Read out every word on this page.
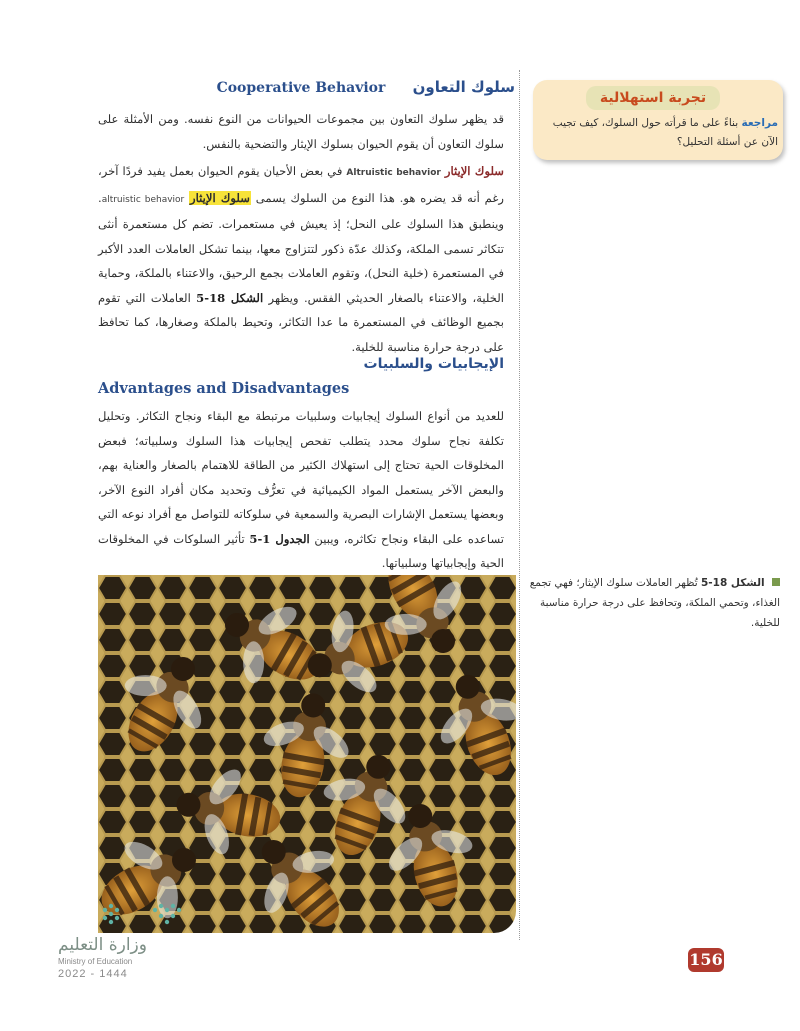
سلوك التعاون Cooperative Behavior
قد يظهر سلوك التعاون بين مجموعات الحيوانات من النوع نفسه. ومن الأمثلة على سلوك التعاون أن يقوم الحيوان بسلوك الإيثار والتضحية بالنفس.
سلوك الإيثار Altruistic behavior في بعض الأحيان يقوم الحيوان بعمل يفيد فردًا آخر، رغم أنه قد يضره هو. هذا النوع من السلوك يسمى سلوك الإيثار altruistic behavior. وينطبق هذا السلوك على النحل؛ إذ يعيش في مستعمرات. تضم كل مستعمرة أنثى تتكاثر تسمى الملكة، وكذلك عدّة ذكور لتتزاوج معها، بينما تشكل العاملات العدد الأكبر في المستعمرة (خلية النحل)، وتقوم العاملات بجمع الرحيق، والاعتناء بالملكة، وحماية الخلية، والاعتناء بالصغار الحديثي الفقس. ويظهر الشكل 18-5 العاملات التي تقوم بجميع الوظائف في المستعمرة ما عدا التكاثر، وتحيط بالملكة وصغارها، كما تحافظ على درجة حرارة مناسبة للخلية.
الإيجابيات والسلبيات
Advantages and Disadvantages
للعديد من أنواع السلوك إيجابيات وسلبيات مرتبطة مع البقاء ونجاح التكاثر. وتحليل تكلفة نجاح سلوك محدد يتطلب تفحص إيجابيات هذا السلوك وسلبياته؛ فبعض المخلوقات الحية تحتاج إلى استهلاك الكثير من الطاقة للاهتمام بالصغار والعناية بهم، والبعض الآخر يستعمل المواد الكيميائية في تعرُّف وتحديد مكان أفراد النوع الآخر، وبعضها يستعمل الإشارات البصرية والسمعية في سلوكاته للتواصل مع أفراد نوعه التي تساعده على البقاء ونجاح تكاثره، ويبين الجدول 1-5 تأثير السلوكات في المخلوقات الحية وإيجابياتها وسلبياتها.
تجربة استهلالية
مراجعة بناءً على ما قرأته حول السلوك، كيف تجيب الآن عن أسئلة التحليل؟
الشكل 18-5 تُظهر العاملات سلوك الإيثار؛ فهي تجمع الغذاء، وتحمي الملكة، وتحافظ على درجة حرارة مناسبة للخلية.
وزارة التعليم
Ministry of Education
2022 - 1444
156
